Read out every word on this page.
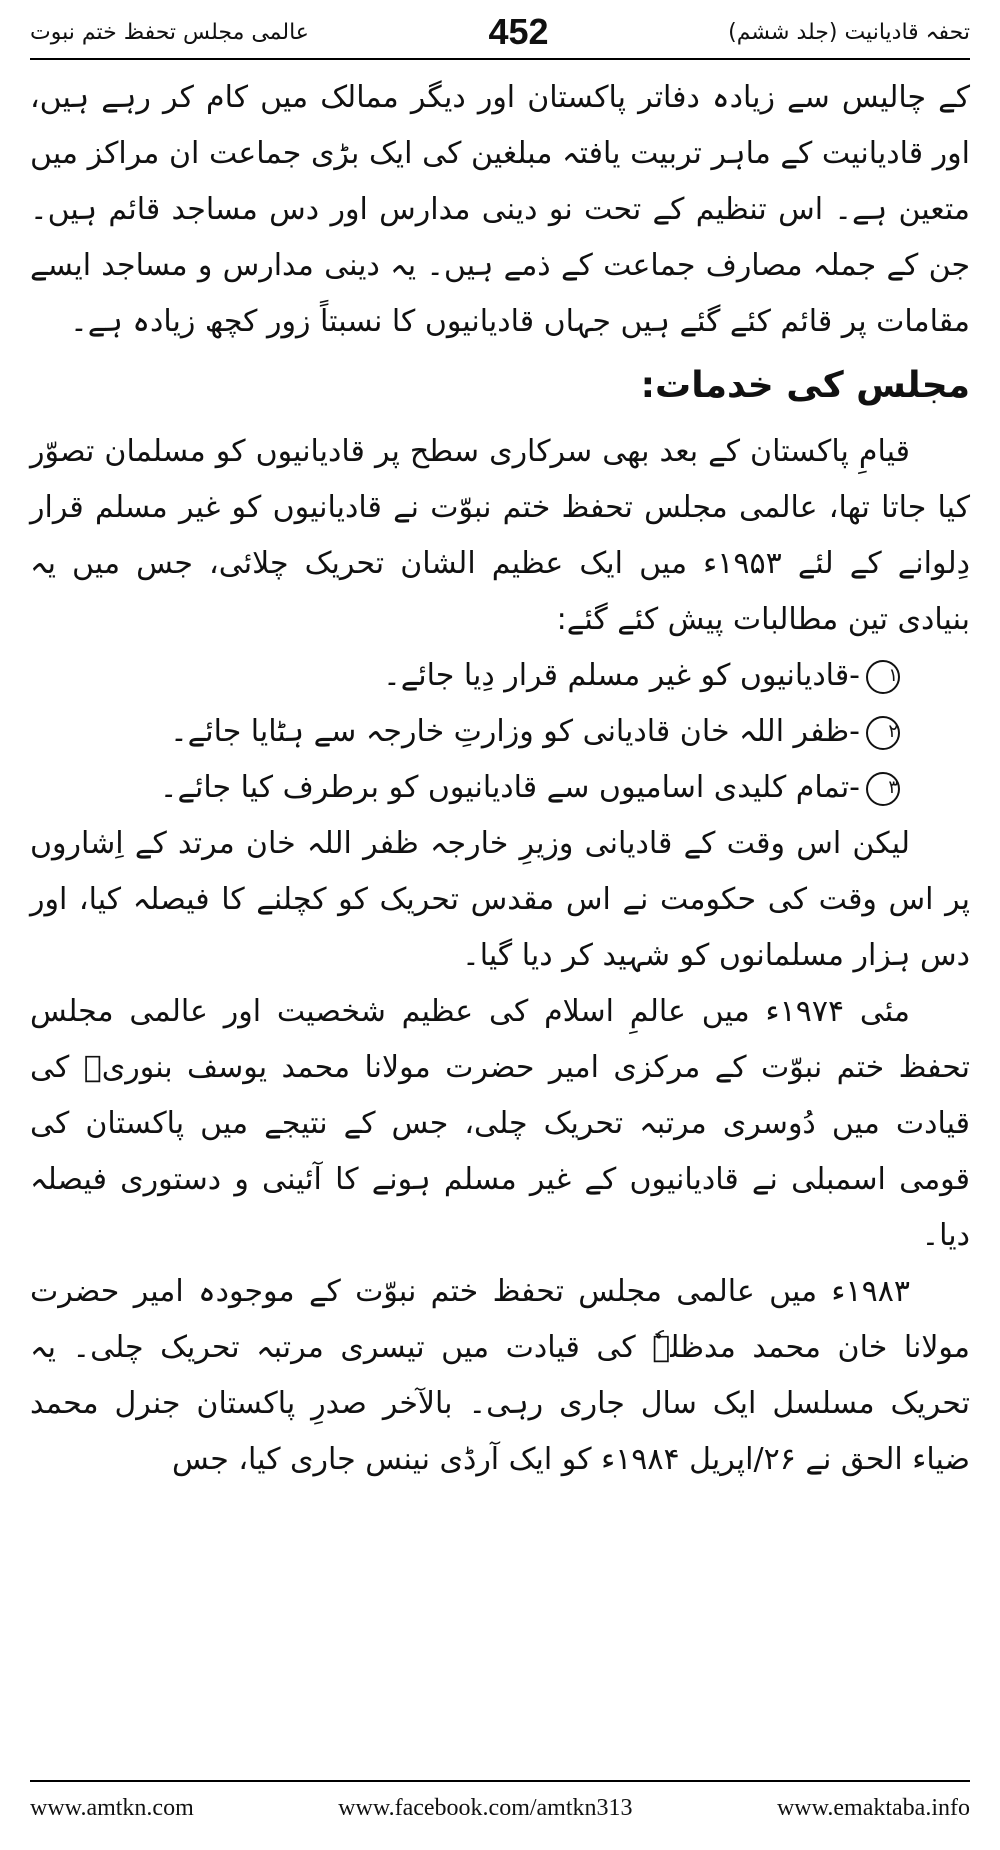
عالمی مجلس تحفظ ختم نبوت	452	تحفہ قادیانیت (جلد ششم)

کے چالیس سے زیادہ دفاتر پاکستان اور دیگر ممالک میں کام کر رہے ہیں، اور قادیانیت کے ماہر تربیت یافتہ مبلغین کی ایک بڑی جماعت ان مراکز میں متعین ہے۔ اس تنظیم کے تحت نو دینی مدارس اور دس مساجد قائم ہیں۔ جن کے جملہ مصارف جماعت کے ذمے ہیں۔ یہ دینی مدارس و مساجد ایسے مقامات پر قائم کئے گئے ہیں جہاں قادیانیوں کا نسبتاً زور کچھ زیادہ ہے۔

مجلس کی خدمات:

قیامِ پاکستان کے بعد بھی سرکاری سطح پر قادیانیوں کو مسلمان تصوّر کیا جاتا تھا، عالمی مجلس تحفظ ختم نبوّت نے قادیانیوں کو غیر مسلم قرار دِلوانے کے لئے ۱۹۵۳ء میں ایک عظیم الشان تحریک چلائی، جس میں یہ بنیادی تین مطالبات پیش کئے گئے:

۱-قادیانیوں کو غیر مسلم قرار دِیا جائے۔

۲-ظفر اللہ خان قادیانی کو وزارتِ خارجہ سے ہٹایا جائے۔

۳-تمام کلیدی اسامیوں سے قادیانیوں کو برطرف کیا جائے۔

لیکن اس وقت کے قادیانی وزیرِ خارجہ ظفر اللہ خان مرتد کے اِشاروں پر اس وقت کی حکومت نے اس مقدس تحریک کو کچلنے کا فیصلہ کیا، اور دس ہزار مسلمانوں کو شہید کر دیا گیا۔

مئی ۱۹۷۴ء میں عالمِ اسلام کی عظیم شخصیت اور عالمی مجلس تحفظ ختم نبوّت کے مرکزی امیر حضرت مولانا محمد یوسف بنوریؒ کی قیادت میں دُوسری مرتبہ تحریک چلی، جس کے نتیجے میں پاکستان کی قومی اسمبلی نے قادیانیوں کے غیر مسلم ہونے کا آئینی و دستوری فیصلہ دیا۔

۱۹۸۳ء میں عالمی مجلس تحفظ ختم نبوّت کے موجودہ امیر حضرت مولانا خان محمد مدظلہٗ کی قیادت میں تیسری مرتبہ تحریک چلی۔ یہ تحریک مسلسل ایک سال جاری رہی۔ بالآخر صدرِ پاکستان جنرل محمد ضیاء الحق نے ۲۶/اپریل ۱۹۸۴ء کو ایک آرڈی نینس جاری کیا، جس

www.amtkn.com	www.facebook.com/amtkn313	www.emaktaba.info
